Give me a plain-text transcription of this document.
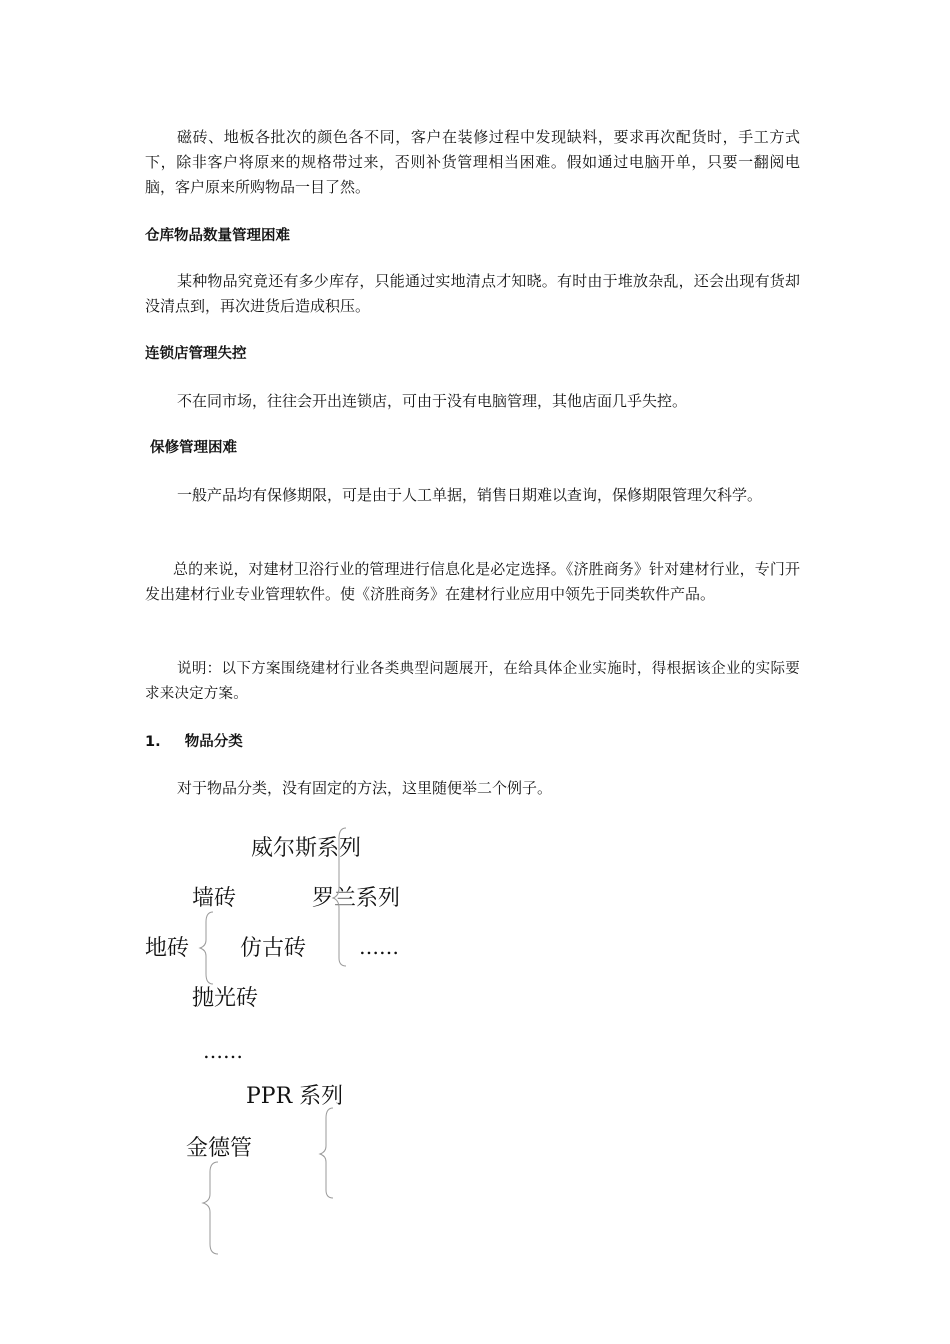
磁砖、地板各批次的颜色各不同，客户在装修过程中发现缺料，要求再次配货时，手工方式下，除非客户将原来的规格带过来，否则补货管理相当困难。假如通过电脑开单，只要一翻阅电脑，客户原来所购物品一目了然。

仓库物品数量管理困难

某种物品究竟还有多少库存，只能通过实地清点才知晓。有时由于堆放杂乱，还会出现有货却没清点到，再次进货后造成积压。

连锁店管理失控

不在同市场，往往会开出连锁店，可由于没有电脑管理，其他店面几乎失控。

保修管理困难

一般产品均有保修期限，可是由于人工单据，销售日期难以查询，保修期限管理欠科学。

总的来说，对建材卫浴行业的管理进行信息化是必定选择。《济胜商务》针对建材行业，专门开发出建材行业专业管理软件。使《济胜商务》在建材行业应用中领先于同类软件产品。

说明：以下方案围绕建材行业各类典型问题展开，在给具体企业实施时，得根据该企业的实际要求来决定方案。

1. 物品分类

对于物品分类，没有固定的方法，这里随便举二个例子。

威尔斯系列
墙砖	罗兰系列
地砖 仿古砖	……
抛光砖
……
PPR 系列
金德管
